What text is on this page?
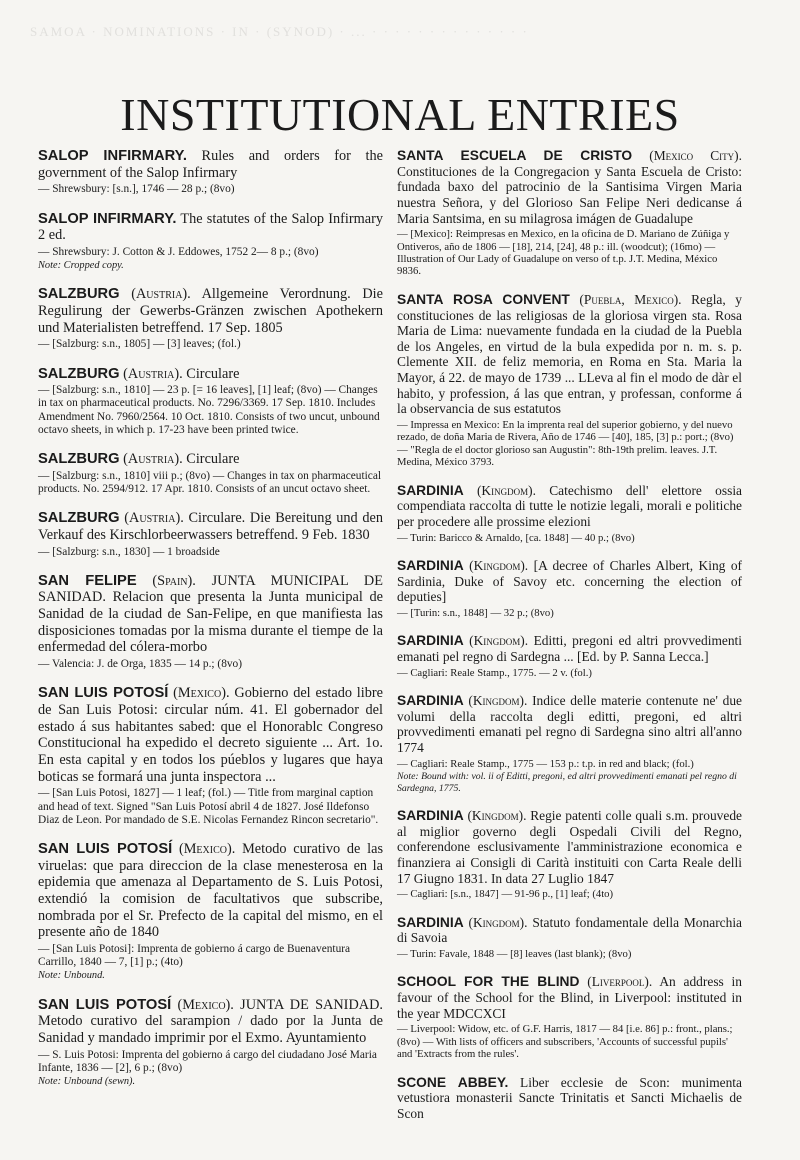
SAMOA · NOMINATIONS · IN · (SYNOD) · ... · · · · · · · · · · · · · ·
INSTITUTIONAL ENTRIES

SALOP INFIRMARY. Rules and orders for the government of the Salop Infirmary

— Shrewsbury: [s.n.], 1746 — 28 p.; (8vo)

SALOP INFIRMARY. The statutes of the Salop Infirmary 2 ed.

— Shrewsbury: J. Cotton & J. Eddowes, 1752 2— 8 p.; (8vo)

Note: Cropped copy.

SALZBURG (Austria). Allgemeine Verordnung. Die Regulirung der Gewerbs-Gränzen zwischen Apothekern und Materialisten betreffend. 17 Sep. 1805

— [Salzburg: s.n., 1805] — [3] leaves; (fol.)

SALZBURG (Austria). Circulare

— [Salzburg: s.n., 1810] — 23 p. [= 16 leaves], [1] leaf; (8vo) — Changes in tax on pharmaceutical products. No. 7296/3369. 17 Sep. 1810. Includes Amendment No. 7960/2564. 10 Oct. 1810. Consists of two uncut, unbound octavo sheets, in which p. 17-23 have been printed twice.

SALZBURG (Austria). Circulare

— [Salzburg: s.n., 1810] viii p.; (8vo) — Changes in tax on pharmaceutical products. No. 2594/912. 17 Apr. 1810. Consists of an uncut octavo sheet.

SALZBURG (Austria). Circulare. Die Bereitung und den Verkauf des Kirschlorbeerwassers betreffend. 9 Feb. 1830

— [Salzburg: s.n., 1830] — 1 broadside

SAN FELIPE (Spain). JUNTA MUNICIPAL DE SANIDAD. Relacion que presenta la Junta municipal de Sanidad de la ciudad de San-Felipe, en que manifiesta las disposiciones tomadas por la misma durante el tiempe de la enfermedad del cólera-morbo

— Valencia: J. de Orga, 1835 — 14 p.; (8vo)

SAN LUIS POTOSÍ (Mexico). Gobierno del estado libre de San Luis Potosi: circular núm. 41. El gobernador del estado á sus habitantes sabed: que el Honorablc Congreso Constitucional ha expedido el decreto siguiente ... Art. 1o. En esta capital y en todos los púeblos y lugares que haya boticas se formará una junta inspectora ...

— [San Luis Potosi, 1827] — 1 leaf; (fol.) — Title from marginal caption and head of text. Signed "San Luis Potosí abril 4 de 1827. José Ildefonso Diaz de Leon. Por mandado de S.E. Nicolas Fernandez Rincon secretario".

SAN LUIS POTOSÍ (Mexico). Metodo curativo de las viruelas: que para direccion de la clase menesterosa en la epidemia que amenaza al Departamento de S. Luis Potosi, extendió la comision de facultativos que subscribe, nombrada por el Sr. Prefecto de la capital del mismo, en el presente año de 1840

— [San Luis Potosi]: Imprenta de gobierno á cargo de Buenaventura Carrillo, 1840 — 7, [1] p.; (4to)

Note: Unbound.

SAN LUIS POTOSÍ (Mexico). JUNTA DE SANIDAD. Metodo curativo del sarampion / dado por la Junta de Sanidad y mandado imprimir por el Exmo. Ayuntamiento

— S. Luis Potosi: Imprenta del gobierno á cargo del ciudadano José Maria Infante, 1836 — [2], 6 p.; (8vo)

Note: Unbound (sewn).

SANTA ESCUELA DE CRISTO (Mexico City). Constituciones de la Congregacion y Santa Escuela de Cristo: fundada baxo del patrocinio de la Santisima Virgen Maria nuestra Señora, y del Glorioso San Felipe Neri dedicanse á Maria Santsima, en su milagrosa imágen de Guadalupe

— [Mexico]: Reimpresas en Mexico, en la oficina de D. Mariano de Zúñiga y Ontiveros, año de 1806 — [18], 214, [24], 48 p.: ill. (woodcut); (16mo) — Illustration of Our Lady of Guadalupe on verso of t.p. J.T. Medina, México 9836.

SANTA ROSA CONVENT (Puebla, Mexico). Regla, y constituciones de las religiosas de la gloriosa virgen sta. Rosa Maria de Lima: nuevamente fundada en la ciudad de la Puebla de los Angeles, en virtud de la bula expedida por n. m. s. p. Clemente XII. de feliz memoria, en Roma en Sta. Maria la Mayor, á 22. de mayo de 1739 ... LLeva al fin el modo de dàr el habito, y profession, á las que entran, y professan, conforme á la observancia de sus estatutos

— Impressa en Mexico: En la imprenta real del superior gobierno, y del nuevo rezado, de doña Maria de Rivera, Año de 1746 — [40], 185, [3] p.: port.; (8vo) — "Regla de el doctor glorioso san Augustin": 8th-19th prelim. leaves. J.T. Medina, México 3793.

SARDINIA (Kingdom). Catechismo dell' elettore ossia compendiata raccolta di tutte le notizie legali, morali e politiche per procedere alle prossime elezioni

— Turin: Baricco & Arnaldo, [ca. 1848] — 40 p.; (8vo)

SARDINIA (Kingdom). [A decree of Charles Albert, King of Sardinia, Duke of Savoy etc. concerning the election of deputies]

— [Turin: s.n., 1848] — 32 p.; (8vo)

SARDINIA (Kingdom). Editti, pregoni ed altri provvedimenti emanati pel regno di Sardegna ... [Ed. by P. Sanna Lecca.]

— Cagliari: Reale Stamp., 1775. — 2 v. (fol.)

SARDINIA (Kingdom). Indice delle materie contenute ne' due volumi della raccolta degli editti, pregoni, ed altri provvedimenti emanati pel regno di Sardegna sino altri all'anno 1774

— Cagliari: Reale Stamp., 1775 — 153 p.: t.p. in red and black; (fol.)

Note: Bound with: vol. ii of Editti, pregoni, ed altri provvedimenti emanati pel regno di Sardegna, 1775.

SARDINIA (Kingdom). Regie patenti colle quali s.m. prouvede al miglior governo degli Ospedali Civili del Regno, conferendone esclusivamente l'amministrazione economica e finanziera ai Consigli di Carità instituiti con Carta Reale delli 17 Giugno 1831. In data 27 Luglio 1847

— Cagliari: [s.n., 1847] — 91-96 p., [1] leaf; (4to)

SARDINIA (Kingdom). Statuto fondamentale della Monarchia di Savoia

— Turin: Favale, 1848 — [8] leaves (last blank); (8vo)

SCHOOL FOR THE BLIND (Liverpool). An address in favour of the School for the Blind, in Liverpool: instituted in the year MDCCXCI

— Liverpool: Widow, etc. of G.F. Harris, 1817 — 84 [i.e. 86] p.: front., plans.; (8vo) — With lists of officers and subscribers, 'Accounts of successful pupils' and 'Extracts from the rules'.

SCONE ABBEY. Liber ecclesie de Scon: munimenta vetustiora monasterii Sancte Trinitatis et Sancti Michaelis de Scon
